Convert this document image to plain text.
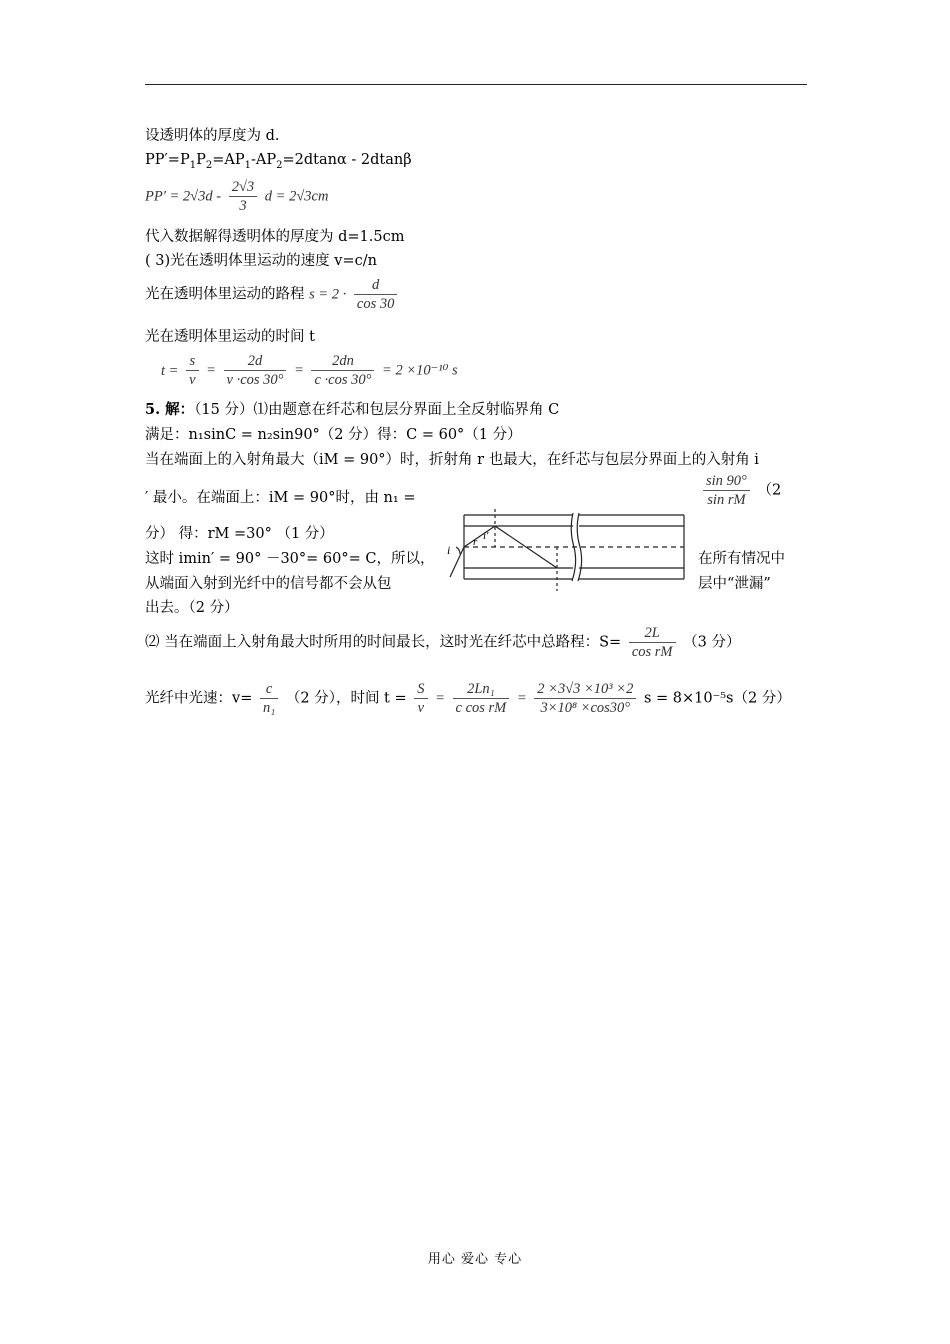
设透明体的厚度为 d.
$PP'=P_1P_2=AP_1-AP_2=2dtan\alpha - 2dtan\beta$
$PP' = 2√3d - \frac{2√3}{3}$ d = 2√3cm
代入数据解得透明体的厚度为 d=1.5cm
( 3)光在透明体里运动的速度 v=c/n
光在透明体里运动的路程 $s = 2 \cdot \frac{d}{\cos 30}$
光在透明体里运动的时间 t
$t = \frac{s}{v} = \frac{2d}{v \cdot\cos 30^\circ} = \frac{2dn}{c \cdot\cos 30^\circ} = 2 \times 10^{-10}$ s
5. 解：（15 分）⑴由题意在纤芯和包层分界面上全反射临界角 C
满足：n₁sinC = n₂sin90°（2 分）得：C = 60°（1 分）
当在端面上的入射角最大（iM = 90°）时，折射角 r 也最大，在纤芯与包层分界面上的入射角 i
′ 最小。在端面上：iM = 90°时，由 n₁ =	$\frac{\sin 90^\circ}{\text{sin rM}} (2$
分） 得：rM =30° （1 分）
这时 imin′ = 90° －30°= 60°= C，所以，	在所有情况中
从端面入射到光纤中的信号都不会从包	层中“泄漏”
出去。（2 分）
i
r i′
⑵ 当在端面上入射角最大时所用的时间最长，这时光在纤芯中总路程：$S= \frac{2L}{\text{cos rM}} (3$ 分）
光纤中光速：$v= \frac{c}{\text{n₁}} (2$ 分），时间 $t = \frac{S}{v} = \frac{\text{2Ln₁}}{\text{c cos rM}} = \frac{\text{2 ×3√3 ×10³ ×2}}{\text{3×10⁸ ×cos30°}}$ s = 8×10⁻⁵s（2 分）
用心 爱心 专心
